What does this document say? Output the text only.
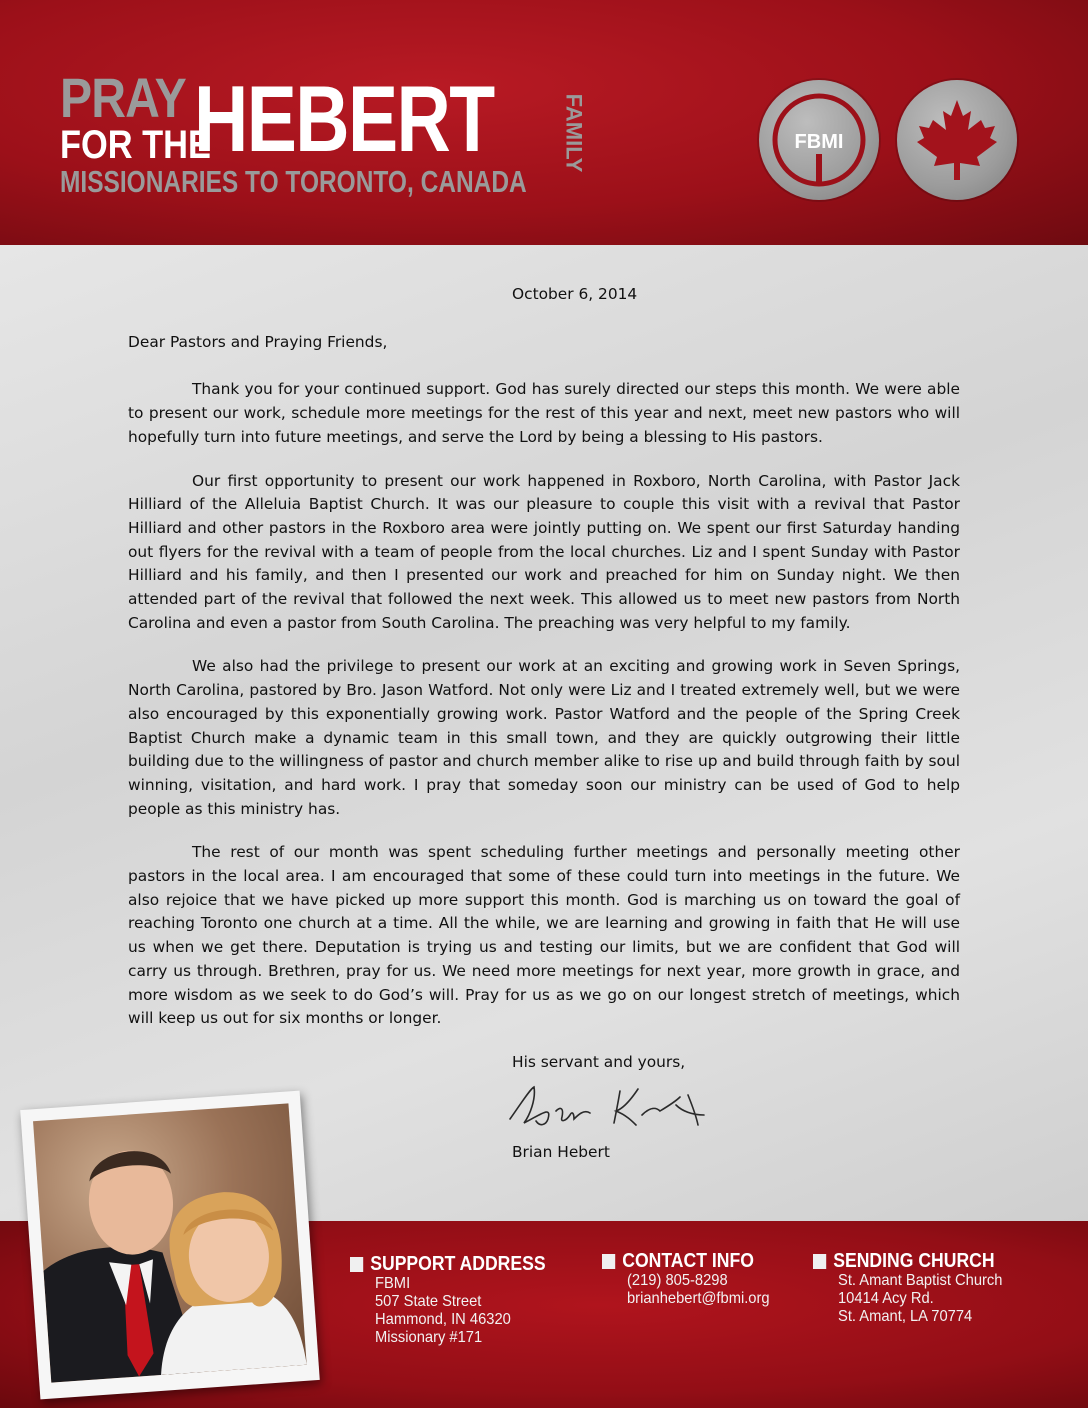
PRAY
FOR THE
HEBERT	FAMILY
MISSIONARIES TO TORONTO, CANADA
FBMI
October 6, 2014
Dear Pastors and Praying Friends,

Thank you for your continued support. God has surely directed our steps this month. We were able to present our work, schedule more meetings for the rest of this year and next, meet new pastors who will hopefully turn into future meetings, and serve the Lord by being a blessing to His pastors.

Our first opportunity to present our work happened in Roxboro, North Carolina, with Pastor Jack Hilliard of the Alleluia Baptist Church. It was our pleasure to couple this visit with a revival that Pastor Hilliard and other pastors in the Roxboro area were jointly putting on. We spent our first Saturday handing out flyers for the revival with a team of people from the local churches. Liz and I spent Sunday with Pastor Hilliard and his family, and then I presented our work and preached for him on Sunday night. We then attended part of the revival that followed the next week. This allowed us to meet new pastors from North Carolina and even a pastor from South Carolina. The preaching was very helpful to my family.

We also had the privilege to present our work at an exciting and growing work in Seven Springs, North Carolina, pastored by Bro. Jason Watford. Not only were Liz and I treated extremely well, but we were also encouraged by this exponentially growing work. Pastor Watford and the people of the Spring Creek Baptist Church make a dynamic team in this small town, and they are quickly outgrowing their little building due to the willingness of pastor and church member alike to rise up and build through faith by soul winning, visitation, and hard work. I pray that someday soon our ministry can be used of God to help people as this ministry has.

The rest of our month was spent scheduling further meetings and personally meeting other pastors in the local area. I am encouraged that some of these could turn into meetings in the future. We also rejoice that we have picked up more support this month. God is marching us on toward the goal of reaching Toronto one church at a time. All the while, we are learning and growing in faith that He will use us when we get there. Deputation is trying us and testing our limits, but we are confident that God will carry us through. Brethren, pray for us. We need more meetings for next year, more growth in grace, and more wisdom as we seek to do God’s will. Pray for us as we go on our longest stretch of meetings, which will keep us out for six months or longer.

His servant and yours,
Brian Hebert
SUPPORT ADDRESS
FBMI
507 State Street
Hammond, IN 46320
Missionary #171
CONTACT INFO
(219) 805-8298
brianhebert@fbmi.org
SENDING CHURCH
St. Amant Baptist Church
10414 Acy Rd.
St. Amant, LA 70774
